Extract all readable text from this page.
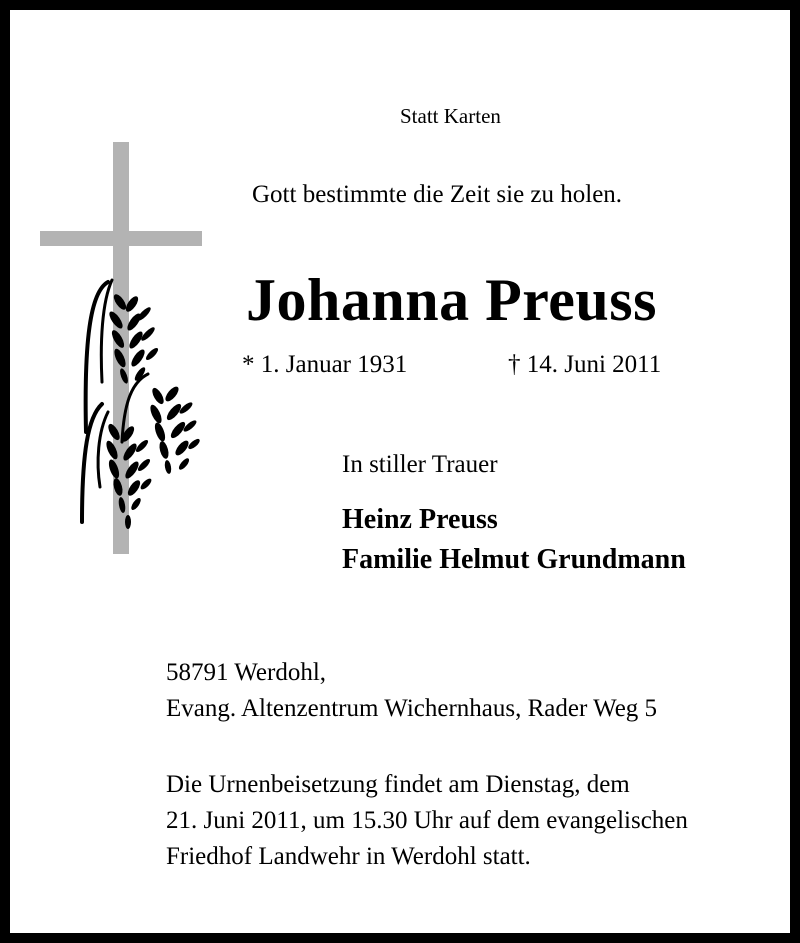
Statt Karten
Gott bestimmte die Zeit sie zu holen.
Johanna Preuss
* 1. Januar 1931	† 14. Juni 2011
In stiller Trauer
Heinz Preuss
Familie Helmut Grundmann
58791 Werdohl,
Evang. Altenzentrum Wichernhaus, Rader Weg 5
Die Urnenbeisetzung findet am Dienstag, dem
21. Juni 2011, um 15.30 Uhr auf dem evangelischen
Friedhof Landwehr in Werdohl statt.
